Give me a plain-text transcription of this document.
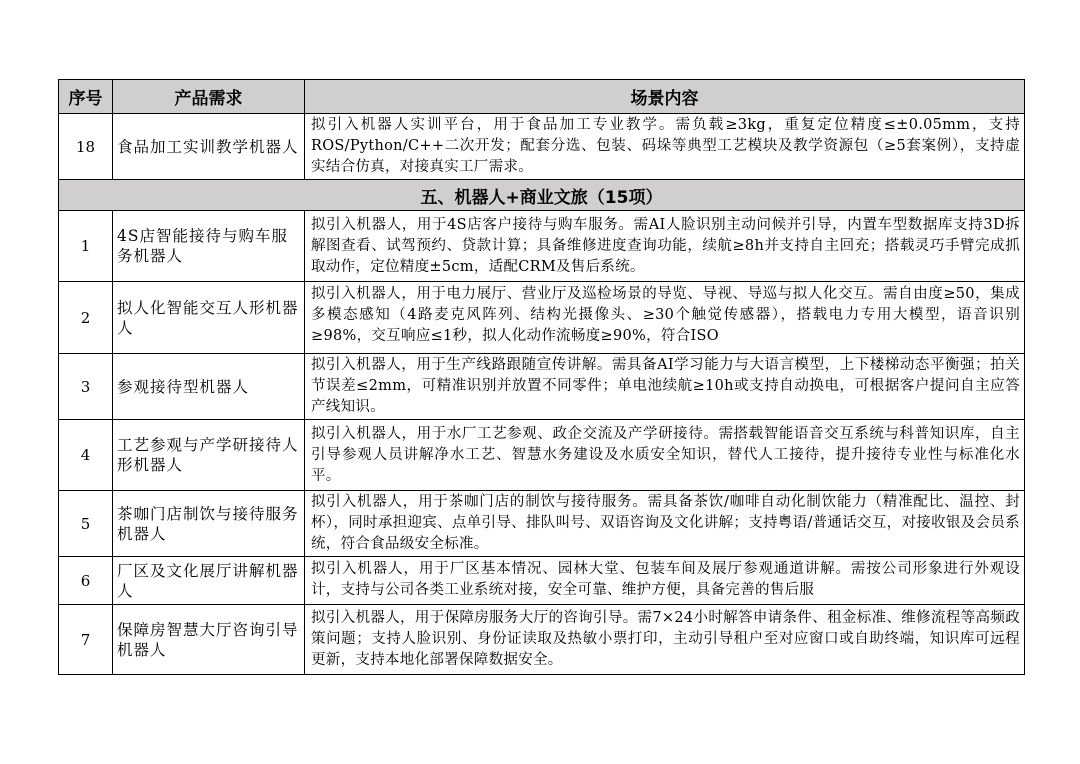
序号	产品需求	场景内容
18	食品加工实训教学机器人	拟引入机器人实训平台，用于食品加工专业教学。需负载≥3kg，重复定位精度≤±0.05mm，支持ROS/Python/C++二次开发；配套分选、包装、码垛等典型工艺模块及教学资源包（≥5套案例），支持虚实结合仿真，对接真实工厂需求。
五、机器人+商业文旅（15项）		
1	4S店智能接待与购车服务机器人	拟引入机器人，用于4S店客户接待与购车服务。需AI人脸识别主动问候并引导，内置车型数据库支持3D拆解图查看、试驾预约、贷款计算；具备维修进度查询功能，续航≥8h并支持自主回充；搭载灵巧手臂完成抓取动作，定位精度±5cm，适配CRM及售后系统。
2	拟人化智能交互人形机器人	拟引入机器人，用于电力展厅、营业厅及巡检场景的导览、导视、导巡与拟人化交互。需自由度≥50，集成多模态感知（4路麦克风阵列、结构光摄像头、≥30个触觉传感器），搭载电力专用大模型，语音识别≥98%，交互响应≤1秒，拟人化动作流畅度≥90%，符合ISO

3	参观接待型机器人	拟引入机器人，用于生产线路跟随宣传讲解。需具备AI学习能力与大语言模型，上下楼梯动态平衡强；拍关节误差≤2mm，可精准识别并放置不同零件；单电池续航≥10h或支持自动换电，可根据客户提问自主应答产线知识。
4	工艺参观与产学研接待人形机器人	拟引入机器人，用于水厂工艺参观、政企交流及产学研接待。需搭载智能语音交互系统与科普知识库，自主引导参观人员讲解净水工艺、智慧水务建设及水质安全知识，替代人工接待，提升接待专业性与标准化水平。
5	茶咖门店制饮与接待服务机器人	拟引入机器人，用于茶咖门店的制饮与接待服务。需具备茶饮/咖啡自动化制饮能力（精准配比、温控、封杯），同时承担迎宾、点单引导、排队叫号、双语咨询及文化讲解；支持粤语/普通话交互，对接收银及会员系统，符合食品级安全标准。
6	厂区及文化展厅讲解机器人	拟引入机器人，用于厂区基本情况、园林大堂、包装车间及展厅参观通道讲解。需按公司形象进行外观设计，支持与公司各类工业系统对接，安全可靠、维护方便，具备完善的售后服

7	保障房智慧大厅咨询引导机器人	拟引入机器人，用于保障房服务大厅的咨询引导。需7×24小时解答申请条件、租金标准、维修流程等高频政策问题；支持人脸识别、身份证读取及热敏小票打印，主动引导租户至对应窗口或自助终端，知识库可远程更新，支持本地化部署保障数据安全。
